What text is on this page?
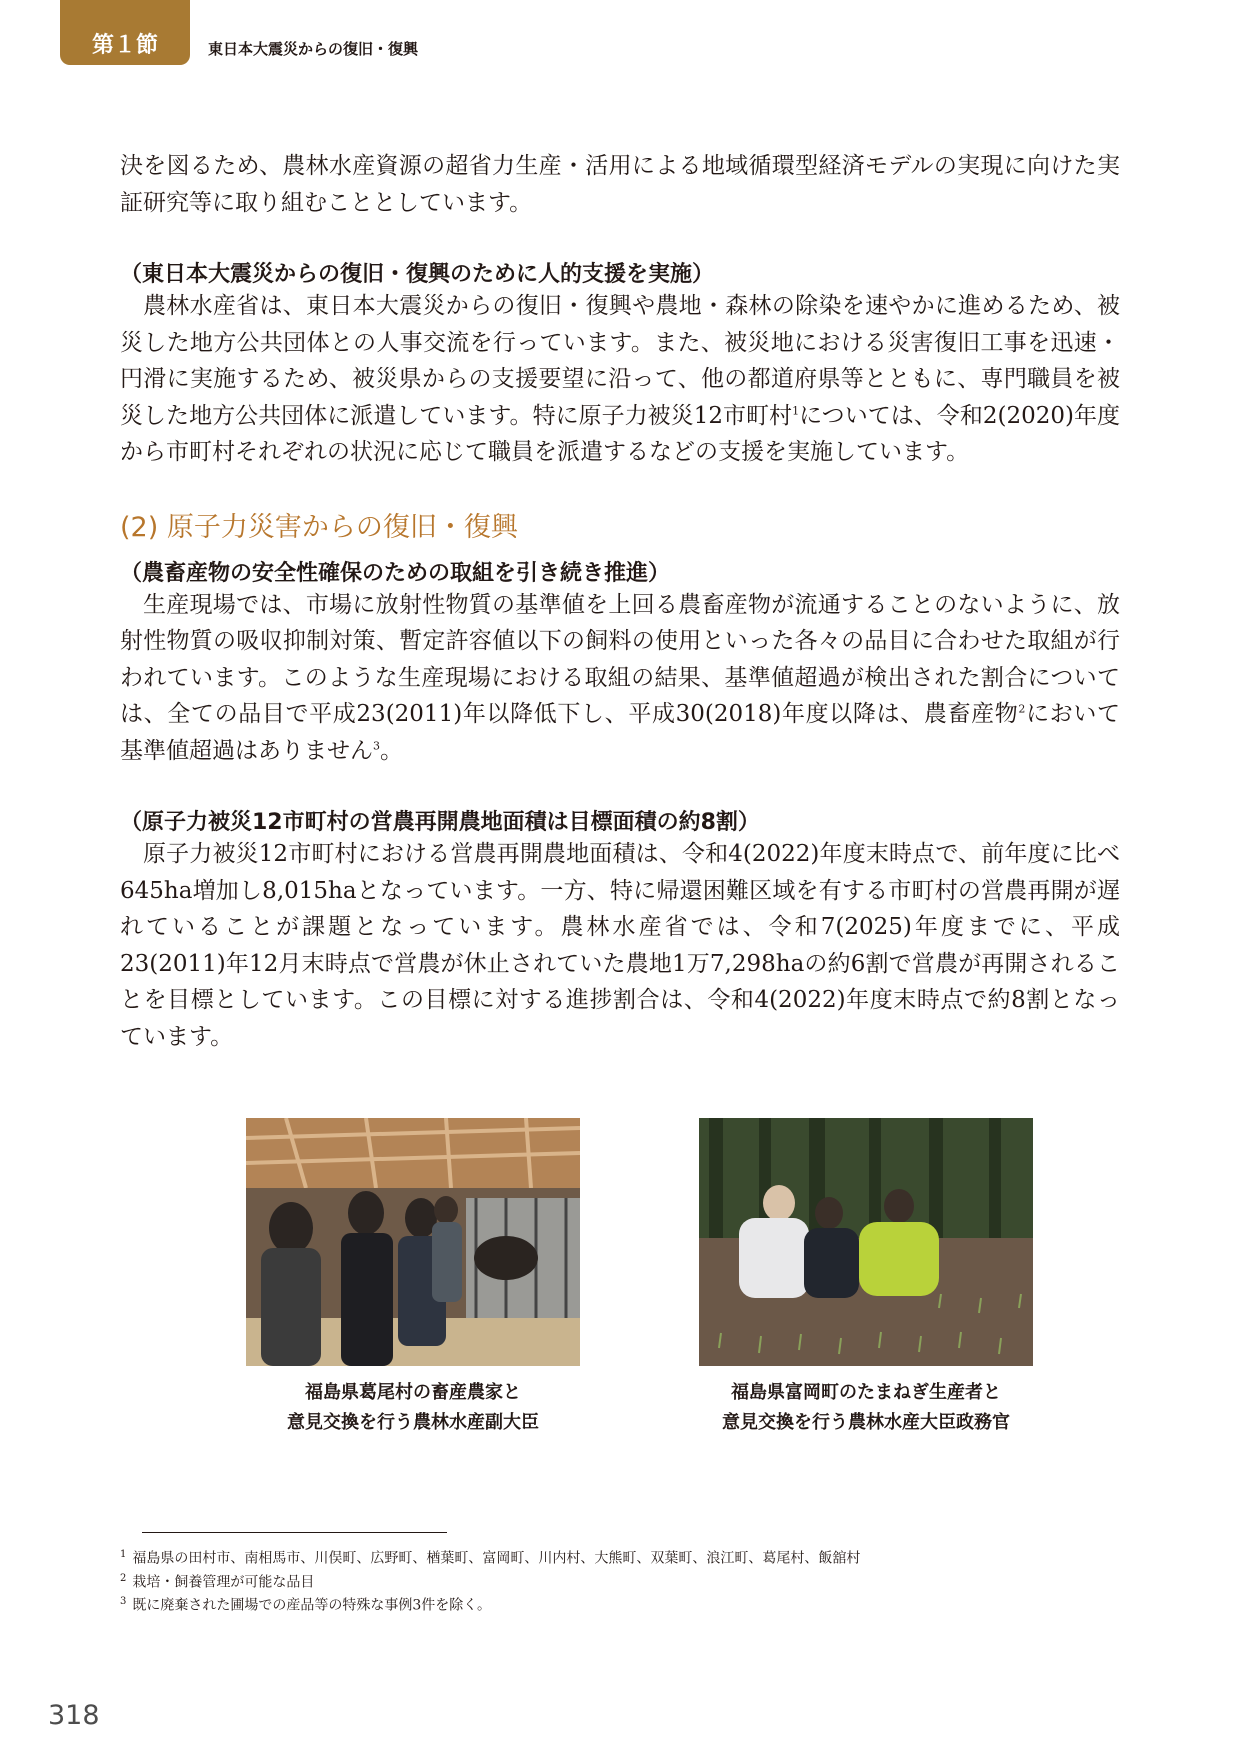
第１節	東日本大震災からの復旧・復興

決を図るため、農林水産資源の超省力生産・活用による地域循環型経済モデルの実現に向けた実証研究等に取り組むこととしています。

（東日本大震災からの復旧・復興のために人的支援を実施）

農林水産省は、東日本大震災からの復旧・復興や農地・森林の除染を速やかに進めるため、被災した地方公共団体との人事交流を行っています。また、被災地における災害復旧工事を迅速・円滑に実施するため、被災県からの支援要望に沿って、他の都道府県等とともに、専門職員を被災した地方公共団体に派遣しています。特に原子力被災12市町村$^1$については、令和2(2020)年度から市町村それぞれの状況に応じて職員を派遣するなどの支援を実施しています。

(2) 原子力災害からの復旧・復興

（農畜産物の安全性確保のための取組を引き続き推進）

生産現場では、市場に放射性物質の基準値を上回る農畜産物が流通することのないように、放射性物質の吸収抑制対策、暫定許容値以下の飼料の使用といった各々の品目に合わせた取組が行われています。このような生産現場における取組の結果、基準値超過が検出された割合については、全ての品目で平成23(2011)年以降低下し、平成30(2018)年度以降は、農畜産物$^2$において基準値超過はありません$^3$。

（原子力被災12市町村の営農再開農地面積は目標面積の約8割）

原子力被災12市町村における営農再開農地面積は、令和4(2022)年度末時点で、前年度に比べ645ha増加し8,015haとなっています。一方、特に帰還困難区域を有する市町村の営農再開が遅れていることが課題となっています。農林水産省では、令和7(2025)年度までに、平成23(2011)年12月末時点で営農が休止されていた農地1万7,298haの約6割で営農が再開されることを目標としています。この目標に対する進捗割合は、令和4(2022)年度末時点で約8割となっています。

福島県葛尾村の畜産農家と
意見交換を行う農林水産副大臣
福島県富岡町のたまねぎ生産者と
意見交換を行う農林水産大臣政務官
$^1$ 福島県の田村市、南相馬市、川俣町、広野町、楢葉町、富岡町、川内村、大熊町、双葉町、浪江町、葛尾村、飯舘村
$^2$ 栽培・飼養管理が可能な品目
$^3$ 既に廃棄された圃場での産品等の特殊な事例3件を除く。
318
